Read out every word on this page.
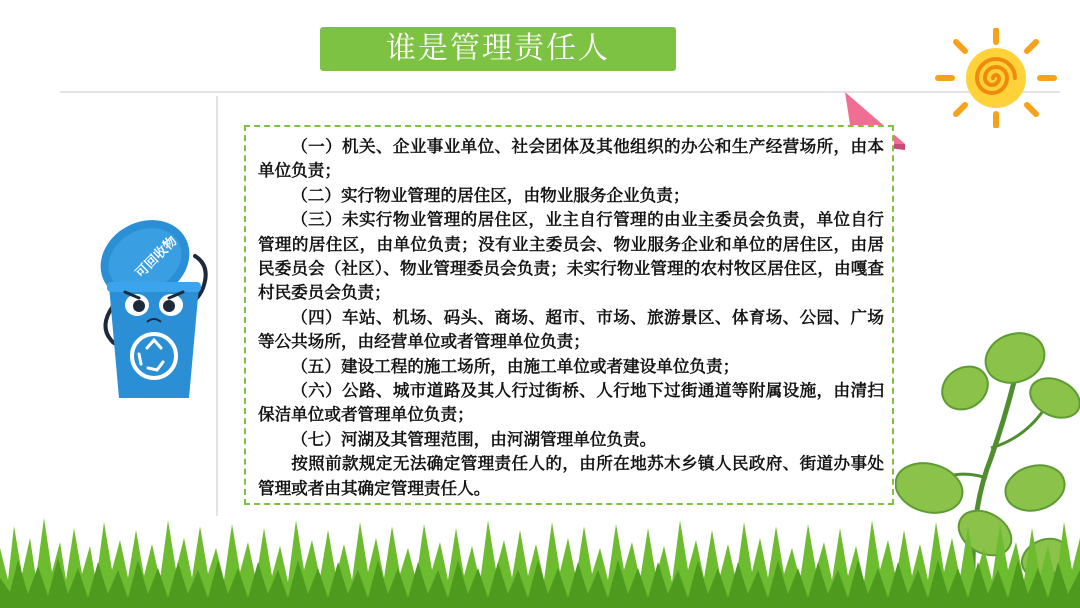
谁是管理责任人
可回收物

（一）机关、企业事业单位、社会团体及其他组织的办公和生产经营场所，由本单位负责；

（二）实行物业管理的居住区，由物业服务企业负责；

（三）未实行物业管理的居住区，业主自行管理的由业主委员会负责，单位自行管理的居住区，由单位负责；没有业主委员会、物业服务企业和单位的居住区，由居民委员会（社区）、物业管理委员会负责；未实行物业管理的农村牧区居住区，由嘎查村民委员会负责；

（四）车站、机场、码头、商场、超市、市场、旅游景区、体育场、公园、广场等公共场所，由经营单位或者管理单位负责；

（五）建设工程的施工场所，由施工单位或者建设单位负责；

（六）公路、城市道路及其人行过街桥、人行地下过街通道等附属设施，由清扫保洁单位或者管理单位负责；

（七）河湖及其管理范围，由河湖管理单位负责。

按照前款规定无法确定管理责任人的，由所在地苏木乡镇人民政府、街道办事处管理或者由其确定管理责任人。
